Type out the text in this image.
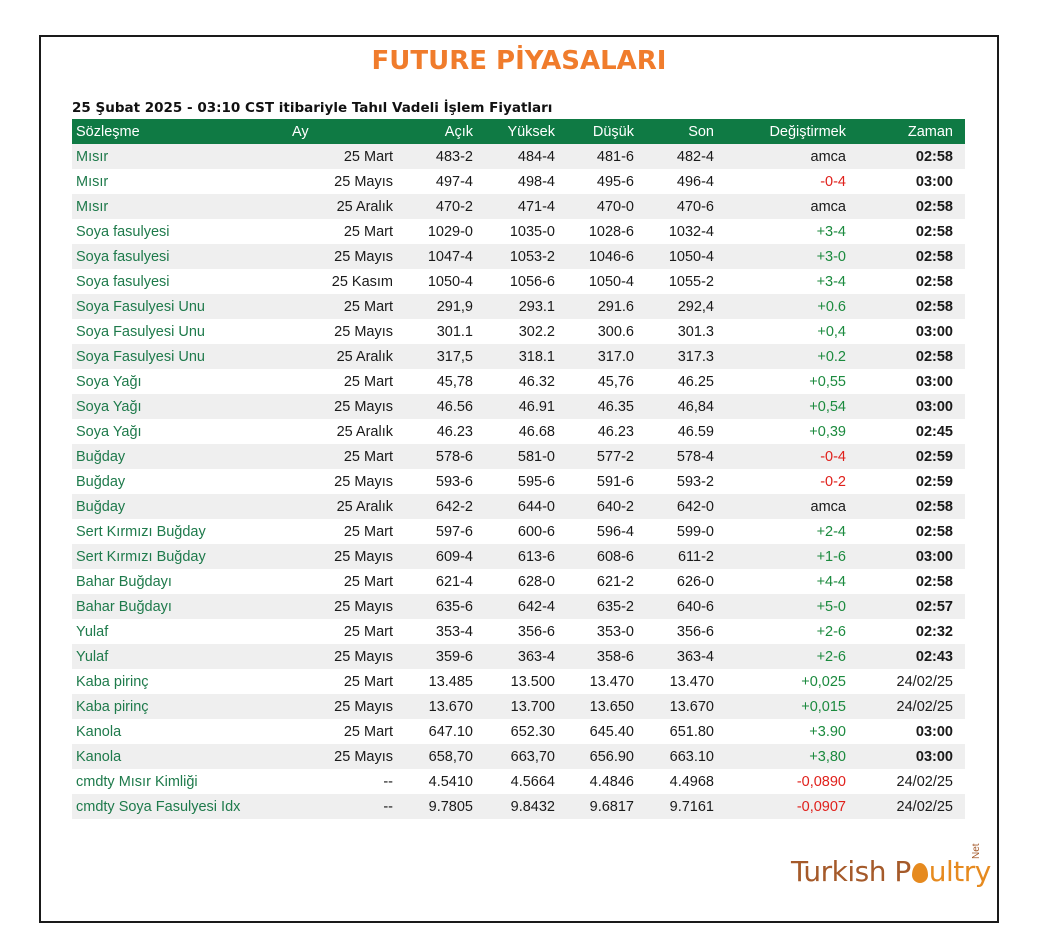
FUTURE PİYASALARI
25 Şubat 2025 - 03:10 CST itibariyle Tahıl Vadeli İşlem Fiyatları
Sözleşme	Ay	Açık	Yüksek	Düşük	Son	Değiştirmek	Zaman
Mısır	25 Mart	483-2	484-4	481-6	482-4	amca	02:58
Mısır	25 Mayıs	497-4	498-4	495-6	496-4	-0-4	03:00
Mısır	25 Aralık	470-2	471-4	470-0	470-6	amca	02:58
Soya fasulyesi	25 Mart	1029-0	1035-0	1028-6	1032-4	+3-4	02:58
Soya fasulyesi	25 Mayıs	1047-4	1053-2	1046-6	1050-4	+3-0	02:58
Soya fasulyesi	25 Kasım	1050-4	1056-6	1050-4	1055-2	+3-4	02:58
Soya Fasulyesi Unu	25 Mart	291,9	293.1	291.6	292,4	+0.6	02:58
Soya Fasulyesi Unu	25 Mayıs	301.1	302.2	300.6	301.3	+0,4	03:00
Soya Fasulyesi Unu	25 Aralık	317,5	318.1	317.0	317.3	+0.2	02:58
Soya Yağı	25 Mart	45,78	46.32	45,76	46.25	+0,55	03:00
Soya Yağı	25 Mayıs	46.56	46.91	46.35	46,84	+0,54	03:00
Soya Yağı	25 Aralık	46.23	46.68	46.23	46.59	+0,39	02:45
Buğday	25 Mart	578-6	581-0	577-2	578-4	-0-4	02:59
Buğday	25 Mayıs	593-6	595-6	591-6	593-2	-0-2	02:59
Buğday	25 Aralık	642-2	644-0	640-2	642-0	amca	02:58
Sert Kırmızı Buğday	25 Mart	597-6	600-6	596-4	599-0	+2-4	02:58
Sert Kırmızı Buğday	25 Mayıs	609-4	613-6	608-6	611-2	+1-6	03:00
Bahar Buğdayı	25 Mart	621-4	628-0	621-2	626-0	+4-4	02:58
Bahar Buğdayı	25 Mayıs	635-6	642-4	635-2	640-6	+5-0	02:57
Yulaf	25 Mart	353-4	356-6	353-0	356-6	+2-6	02:32
Yulaf	25 Mayıs	359-6	363-4	358-6	363-4	+2-6	02:43
Kaba pirinç	25 Mart	13.485	13.500	13.470	13.470	+0,025	24/02/25
Kaba pirinç	25 Mayıs	13.670	13.700	13.650	13.670	+0,015	24/02/25
Kanola	25 Mart	647.10	652.30	645.40	651.80	+3.90	03:00
Kanola	25 Mayıs	658,70	663,70	656.90	663.10	+3,80	03:00
cmdty Mısır Kimliği	--	4.5410	4.5664	4.4846	4.4968	-0,0890	24/02/25
cmdty Soya Fasulyesi Idx	--	9.7805	9.8432	9.6817	9.7161	-0,0907	24/02/25
Turkish P ultry
Net
